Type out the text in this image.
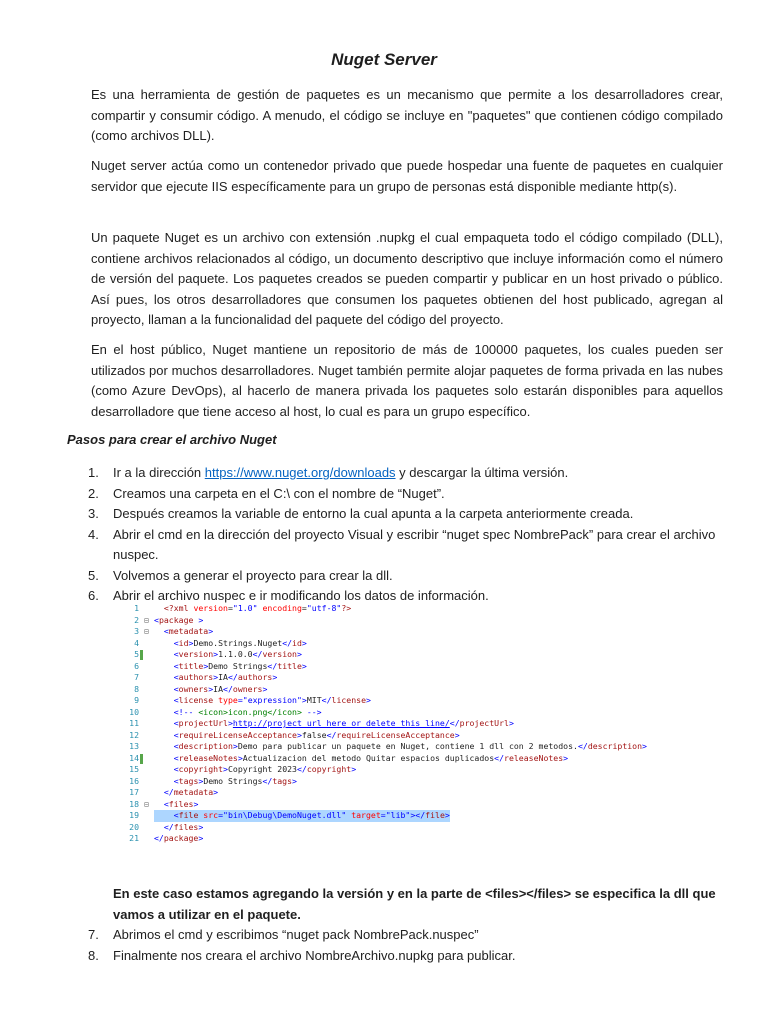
Nuget Server

Es una herramienta de gestión de paquetes es un mecanismo que permite a los desarrolladores crear, compartir y consumir código. A menudo, el código se incluye en "paquetes" que contienen código compilado (como archivos DLL).

Nuget server actúa como un contenedor privado que puede hospedar una fuente de paquetes en cualquier servidor que ejecute IIS específicamente para un grupo de personas está disponible mediante http(s).

Un paquete Nuget es un archivo con extensión .nupkg el cual empaqueta todo el código compilado (DLL), contiene archivos relacionados al código, un documento descriptivo que incluye información como el número de versión del paquete. Los paquetes creados se pueden compartir y publicar en un host privado o público. Así pues, los otros desarrolladores que consumen los paquetes obtienen del host publicado, agregan al proyecto, llaman a la funcionalidad del paquete del código del proyecto.

En el host público, Nuget mantiene un repositorio de más de 100000 paquetes, los cuales pueden ser utilizados por muchos desarrolladores. Nuget también permite alojar paquetes de forma privada en las nubes (como Azure DevOps), al hacerlo de manera privada los paquetes solo estarán disponibles para aquellos desarrolladore que tiene acceso al host, lo cual es para un grupo específico.

Pasos para crear el archivo Nuget
1. Ir a la dirección https://www.nuget.org/downloads y descargar la última versión.
2. Creamos una carpeta en el C:\ con el nombre de “Nuget”.
3. Después creamos la variable de entorno la cual apunta a la carpeta anteriormente creada.
4. Abrir el cmd en la dirección del proyecto Visual y escribir “nuget spec NombrePack” para crear el archivo nuspec.
5. Volvemos a generar el proyecto para crear la dll.
6. Abrir el archivo nuspec e ir modificando los datos de información.
1	<?xml version="1.0" encoding="utf-8"?>
2 ⊟ <package >
3 ⊟	<metadata>
4	<id>Demo.Strings.Nuget</id>
5	<version>1.1.0.0</version>
6	<title>Demo Strings</title>
7	<authors>IA</authors>
8	<owners>IA</owners>
9	<license type="expression">MIT</license>
10	<!-- <icon>icon.png</icon> -->
11	<projectUrl>http://project_url_here_or_delete_this_line/</projectUrl>
12	<requireLicenseAcceptance>false</requireLicenseAcceptance>
13	<description>Demo para publicar un paquete en Nuget, contiene 1 dll con 2 metodos.</description>
14	<releaseNotes>Actualizacion del metodo Quitar espacios duplicados</releaseNotes>
15	<copyright>Copyright 2023</copyright>
16	<tags>Demo Strings</tags>
17	</metadata>
18 ⊟	<files>
19	<file src="bin\Debug\DemoNuget.dll" target="lib"></file>
20	</files>
21 </package>

En este caso estamos agregando la versión y en la parte de <files></files> se especifica la dll que vamos a utilizar en el paquete.

7. Abrimos el cmd y escribimos “nuget pack NombrePack.nuspec”
8. Finalmente nos creara el archivo NombreArchivo.nupkg para publicar.
